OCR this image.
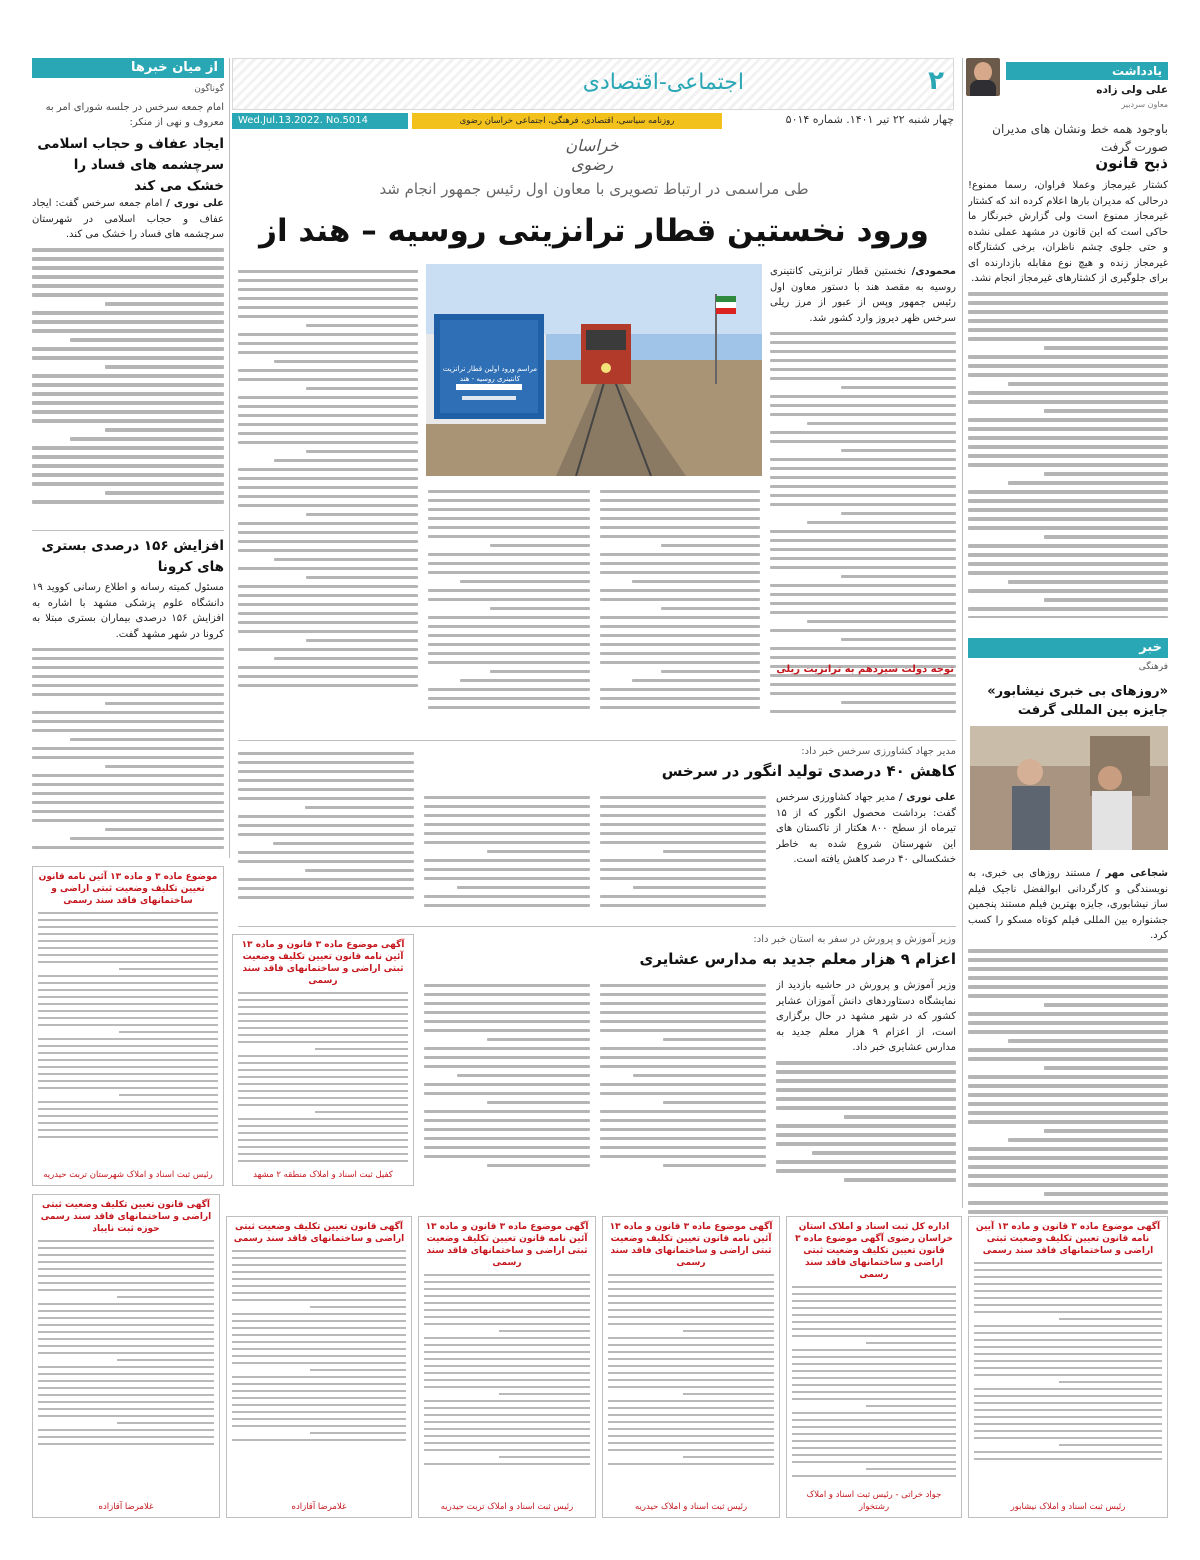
۲
اجتماعی-اقتصادی
چهار شنبه ۲۲ تیر ۱۴۰۱. شماره ۵۰۱۴
روزنامه سیاسی، اقتصادی، فرهنگی، اجتماعی خراسان رضوی
Wed.Jul.13.2022. No.5014
خراسان رضوی
یادداشت
علی ولی زاده
معاون سردبیر
باوجود همه خط ونشان های مدیران صورت گرفت
ذبح قانون

کشتار غیرمجاز وعملا فراوان، رسما ممنوع! درحالی که مدیران بارها اعلام کرده اند که کشتار غیرمجاز ممنوع است ولی گزارش خبرنگار ما حاکی است که این قانون در مشهد عملی نشده و حتی جلوی چشم ناظران، برخی کشتارگاه غیرمجاز زنده و هیچ نوع مقابله بازدارنده ای برای جلوگیری از کشتارهای غیرمجاز انجام نشد.

خبر
فرهنگی
«روزهای بی خبری نیشابور» جایزه بین المللی گرفت

شجاعی مهر / مستند روزهای بی خبری، به نویسندگی و کارگردانی ابوالفضل ناجیک فیلم ساز نیشابوری، جایزه بهترین فیلم مستند پنجمین جشنواره بین المللی فیلم کوتاه مسکو را کسب کرد.

از میان خبرها
گوناگون
امام جمعه سرخس در جلسه شورای امر به معروف و نهی از منکر:
ایجاد عفاف و حجاب اسلامی سرچشمه های فساد را خشک می کند

علی نوری / امام جمعه سرخس گفت: ایجاد عفاف و حجاب اسلامی در شهرستان سرچشمه های فساد را خشک می کند.

افزایش ۱۵۶ درصدی بستری های کرونا

مسئول کمیته رسانه و اطلاع رسانی کووید ۱۹ دانشگاه علوم پزشکی مشهد با اشاره به افزایش ۱۵۶ درصدی بیماران بستری مبتلا به کرونا در شهر مشهد گفت.

طی مراسمی در ارتباط تصویری با معاون اول رئیس جمهور انجام شد
ورود نخستین قطار ترانزیتی روسیه – هند از
مراسم ورود اولین قطار ترانزیت کانتینری روسیه - هند

محمودی/ نخستین قطار ترانزیتی کانتینری روسیه به مقصد هند با دستور معاون اول رئیس جمهور وپس از عبور از مرز ریلی سرخس ظهر دیروز وارد کشور شد.

توجه دولت سیزدهم به ترانزیت ریلی
مدیر جهاد کشاورزی سرخس خبر داد:
کاهش ۴۰ درصدی تولید انگور در سرخس

علی نوری / مدیر جهاد کشاورزی سرخس گفت: برداشت محصول انگور که از ۱۵ تیرماه از سطح ۸۰۰ هکتار از تاکستان های این شهرستان شروع شده به خاطر خشکسالی ۴۰ درصد کاهش یافته است.

وزیر آموزش و پرورش در سفر به استان خبر داد:
اعزام ۹ هزار معلم جدید به مدارس عشایری

وزیر آموزش و پرورش در حاشیه بازدید از نمایشگاه دستاوردهای دانش آموزان عشایر کشور که در شهر مشهد در حال برگزاری است، از اعزام ۹ هزار معلم جدید به مدارس عشایری خبر داد.

موضوع ماده ۳ و ماده ۱۳ آئین نامه قانون تعیین تکلیف وضعیت ثبتی اراضی و ساختمانهای فاقد سند رسمی
رئیس ثبت اسناد و املاک شهرستان تربت حیدریه
آگهی موضوع ماده ۳ قانون و ماده ۱۳ آئین نامه قانون تعیین تکلیف وضعیت ثبتی اراضی و ساختمانهای فاقد سند رسمی
کفیل ثبت اسناد و املاک منطقه ۲ مشهد
آگهی موضوع ماده ۳ قانون و ماده ۱۳ آیین نامه قانون تعیین تکلیف وضعیت ثبتی اراضی و ساختمانهای فاقد سند رسمی
رئیس ثبت اسناد و املاک نیشابور
اداره کل ثبت اسناد و املاک استان خراسان رضوی آگهی موضوع ماده ۳ قانون تعیین تکلیف وضعیت ثبتی اراضی و ساختمانهای فاقد سند رسمی
جواد خراتی - رئیس ثبت اسناد و املاک رشتخوار
آگهی موضوع ماده ۳ قانون و ماده ۱۳ آئین نامه قانون تعیین تکلیف وضعیت ثبتی اراضی و ساختمانهای فاقد سند رسمی
رئیس ثبت اسناد و املاک حیدریه
آگهی موضوع ماده ۳ قانون و ماده ۱۳ آئین نامه قانون تعیین تکلیف وضعیت ثبتی اراضی و ساختمانهای فاقد سند رسمی
رئیس ثبت اسناد و املاک تربت حیدریه
آگهی قانون تعیین تکلیف وضعیت ثبتی اراضی و ساختمانهای فاقد سند رسمی
غلامرضا آقازاده
آگهی قانون تعیین تکلیف وضعیت ثبتی اراضی و ساختمانهای فاقد سند رسمی حوزه ثبت نایباد
غلامرضا آقازاده
